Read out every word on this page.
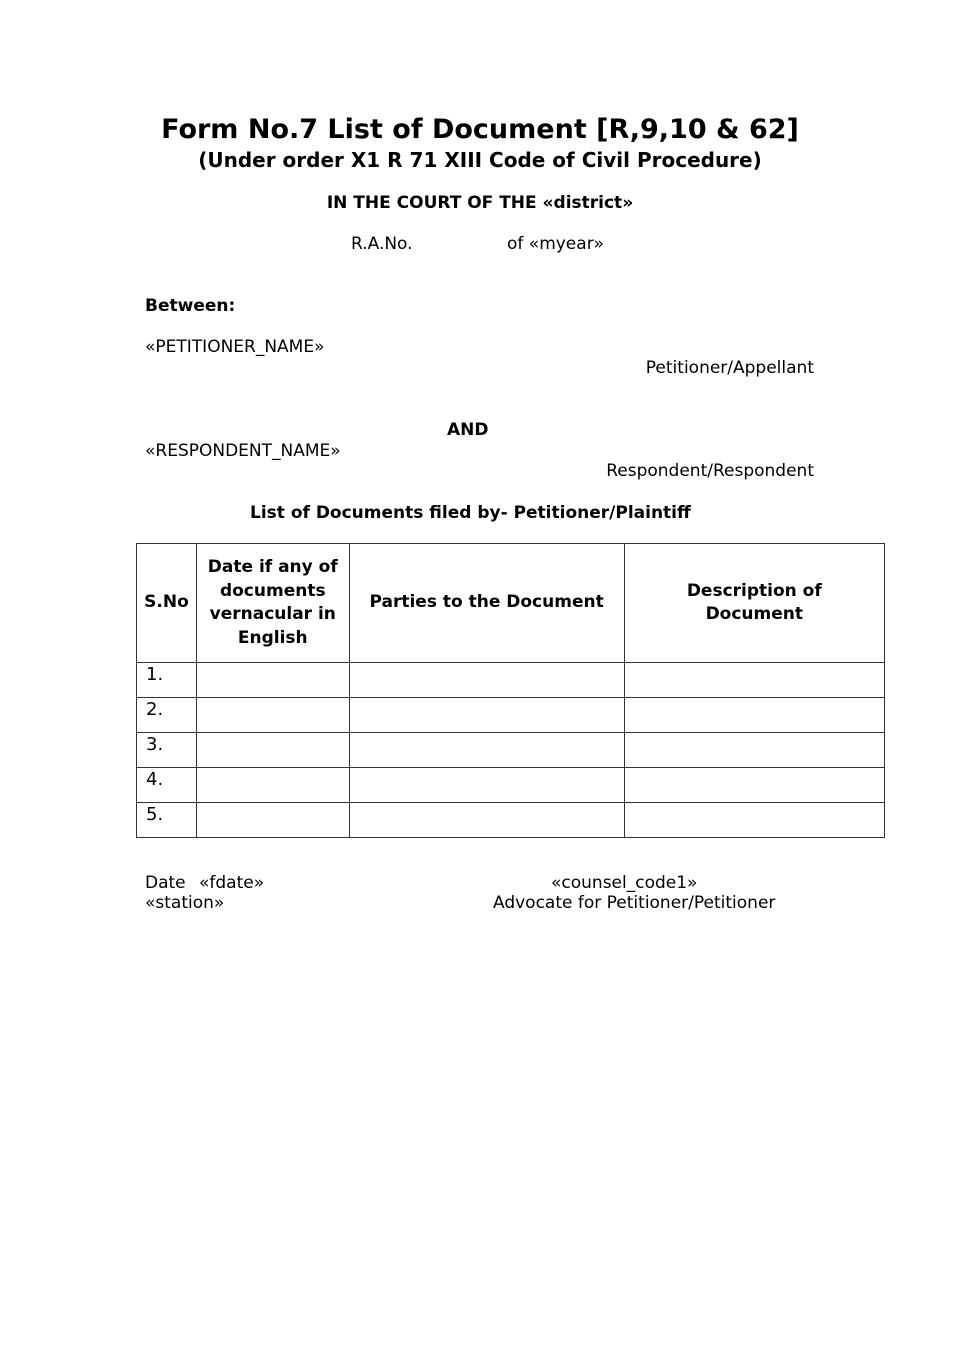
Form No.7 List of Document [R,9,10 & 62]
(Under order X1 R 71 XIII Code of Civil Procedure)
IN THE COURT OF THE «district»
R.A.No.	of «myear»
Between:
«PETITIONER_NAME»
Petitioner/Appellant
AND
«RESPONDENT_NAME»
Respondent/Respondent
List of Documents filed by- Petitioner/Plaintiff
S.No	Date if any of documents vernacular in English	Parties to the Document	Description of Document
1.			
2.			
3.			
4.			
5.			
Date «fdate»
«station»
«counsel_code1»
Advocate for Petitioner/Petitioner
